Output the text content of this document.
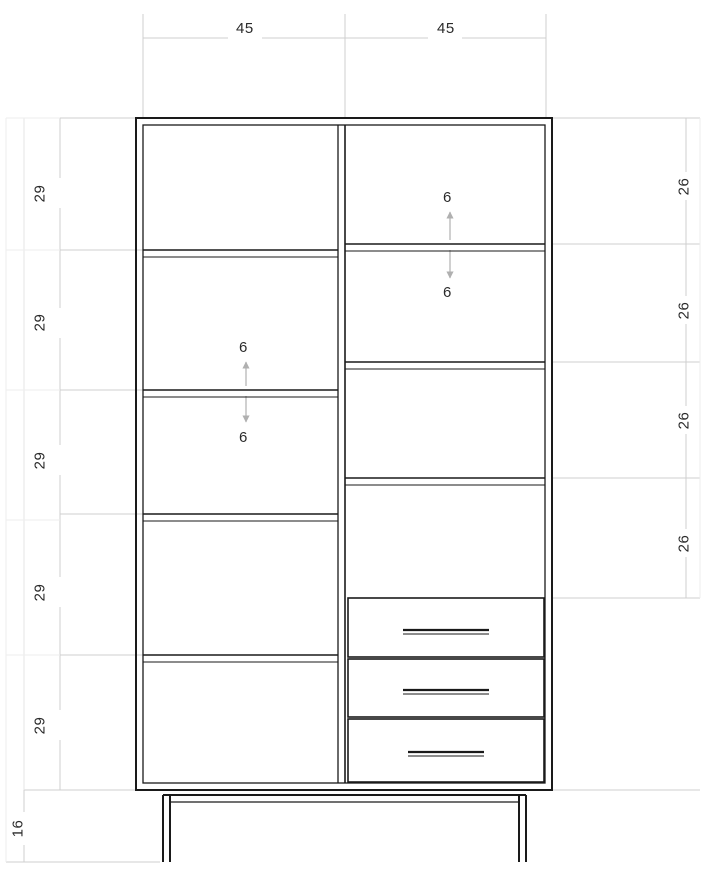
45	45
29
29
29
29
29
16
26
26
26
26
6
6
6
6
